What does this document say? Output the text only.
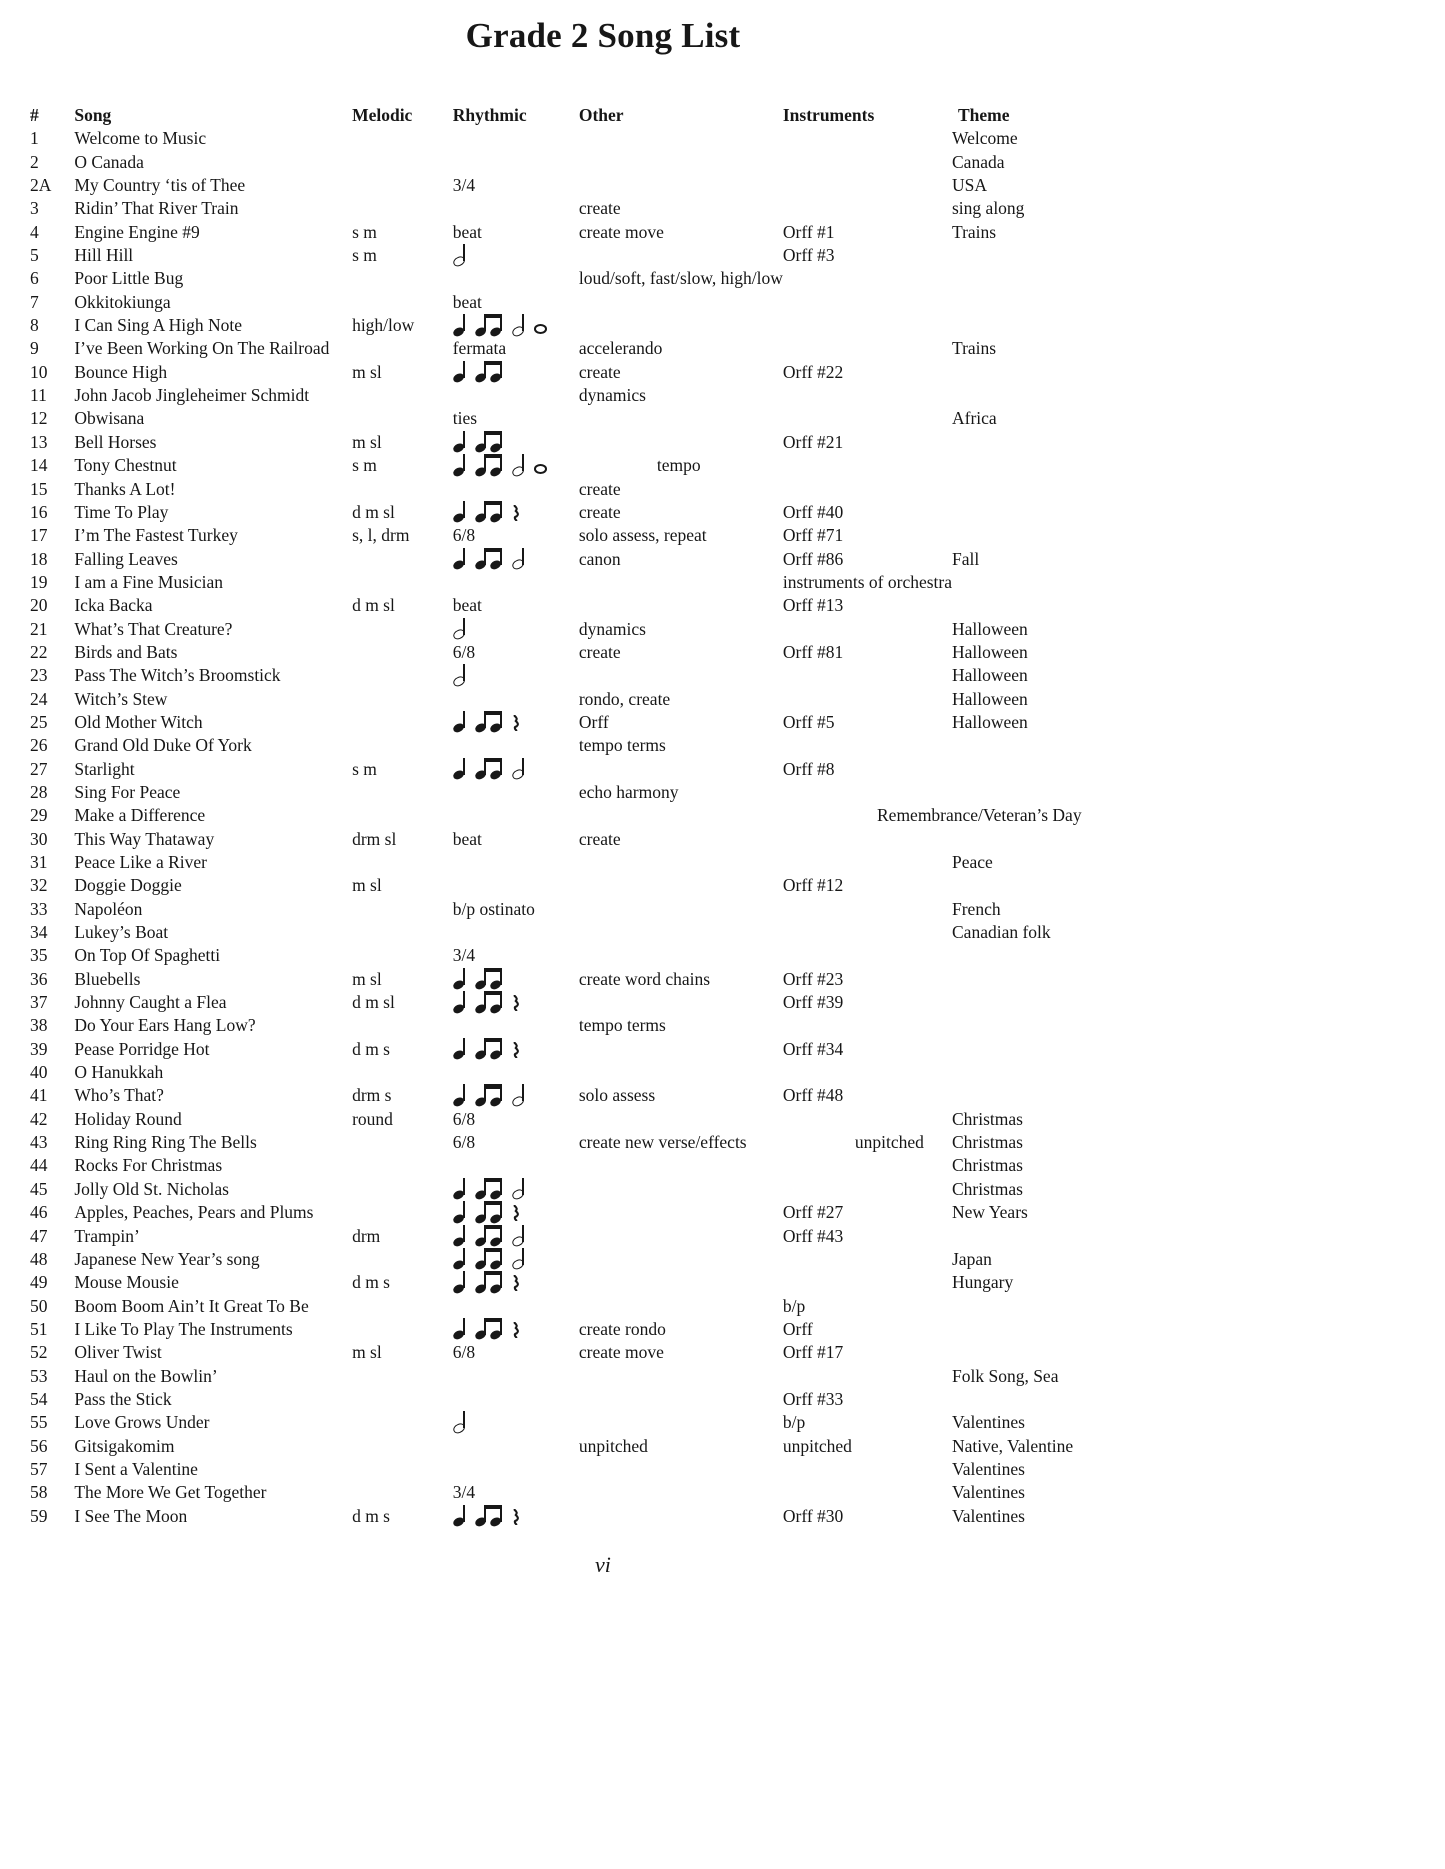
Grade 2 Song List
#	Song	Melodic	Rhythmic	Other	Instruments	Theme
1	Welcome to Music					Welcome
2	O Canada					Canada
2A	My Country ‘tis of Thee		3/4			USA
3	Ridin’ That River Train			create		sing along
4	Engine Engine #9	s m	beat	create move	Orff #1	Trains
5	Hill Hill	s m			Orff #3	
6	Poor Little Bug			loud/soft, fast/slow, high/low		
7	Okkitokiunga		beat			
8	I Can Sing A High Note	high/low	

9	I’ve Been Working On The Railroad		fermata	accelerando		Trains
10	Bounce High	m sl		create	Orff #22	
11	John Jacob Jingleheimer Schmidt			dynamics		
12	Obwisana		ties			Africa
13	Bell Horses	m sl			Orff #21	
14	Tony Chestnut	s m		tempo		
15	Thanks A Lot!			create		
16	Time To Play	d m sl		create	Orff #40	
17	I’m The Fastest Turkey	s, l, drm	6/8	solo assess, repeat	Orff #71	
18	Falling Leaves			canon	Orff #86	Fall
19	I am a Fine Musician				instruments of orchestra	
20	Icka Backa	d m sl	beat		Orff #13	
21	What’s That Creature?			dynamics		Halloween
22	Birds and Bats		6/8	create	Orff #81	Halloween
23	Pass The Witch’s Broomstick					Halloween
24	Witch’s Stew			rondo, create		Halloween
25	Old Mother Witch			Orff	Orff #5	Halloween
26	Grand Old Duke Of York			tempo terms		
27	Starlight	s m			Orff #8	
28	Sing For Peace			echo harmony		
29	Make a Difference					Remembrance/Veteran’s Day
30	This Way Thataway	drm sl	beat	create		
31	Peace Like a River					Peace
32	Doggie Doggie	m sl			Orff #12	
33	Napoléon		b/p ostinato			French
34	Lukey’s Boat					Canadian folk
35	On Top Of Spaghetti		3/4			
36	Bluebells	m sl		create word chains	Orff #23	
37	Johnny Caught a Flea	d m sl			Orff #39	
38	Do Your Ears Hang Low?			tempo terms		
39	Pease Porridge Hot	d m s			Orff #34	
40	O Hanukkah					
41	Who’s That?	drm s		solo assess	Orff #48	
42	Holiday Round	round	6/8			Christmas
43	Ring Ring Ring The Bells		6/8	create new verse/effects	unpitched	Christmas
44	Rocks For Christmas					Christmas
45	Jolly Old St. Nicholas					Christmas
46	Apples, Peaches, Pears and Plums				Orff #27	New Years
47	Trampin’	drm			Orff #43	
48	Japanese New Year’s song					Japan
49	Mouse Mousie	d m s				Hungary
50	Boom Boom Ain’t It Great To Be				b/p	
51	I Like To Play The Instruments			create rondo	Orff	
52	Oliver Twist	m sl	6/8	create move	Orff #17	
53	Haul on the Bowlin’					Folk Song, Sea
54	Pass the Stick				Orff #33	
55	Love Grows Under				b/p	Valentines
56	Gitsigakomim			unpitched	unpitched	Native, Valentine
57	I Sent a Valentine					Valentines
58	The More We Get Together		3/4			Valentines
59	I See The Moon	d m s			Orff #30	Valentines
vi
